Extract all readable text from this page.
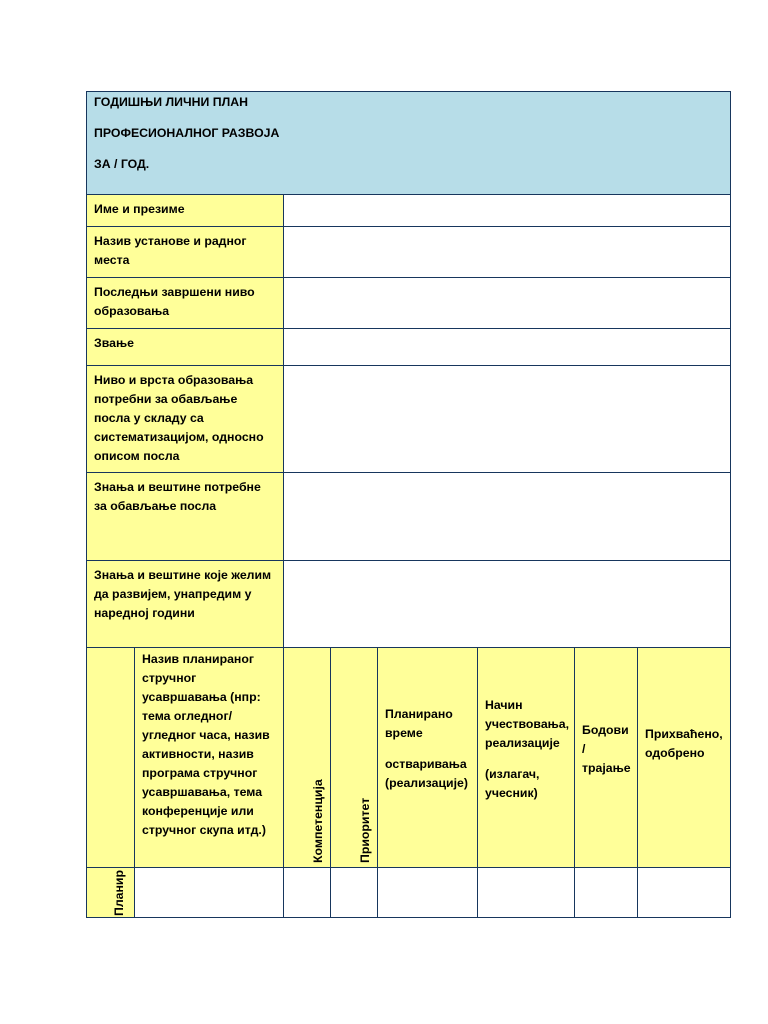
ГОДИШЊИ ЛИЧНИ ПЛАН

ПРОФЕСИОНАЛНОГ РАЗВОЈА

ЗА / ГОД.

Име и презиме
Назив установе и радног места
Последњи завршени ниво образовања
Звање
Ниво и врста образовања потребни за обављање посла у складу са систематизацијом, односно описом посла
Знања и вештине потребне за обављање посла
Знања и вештине које желим да развијем, унапредим у наредној години
Назив планираног стручног усавршавања (нпр: тема огледног/угледног часа, назив активности, назив програма стручног усавршавања, тема конференције или стручног скупа итд.)	Компетенција	Приоритет

Планирано време

остваривања (реализације)

Начин учествовања, реализације

(излагач, учесник)

Бодови / трајање
Прихваћено, одобрено
Планир
